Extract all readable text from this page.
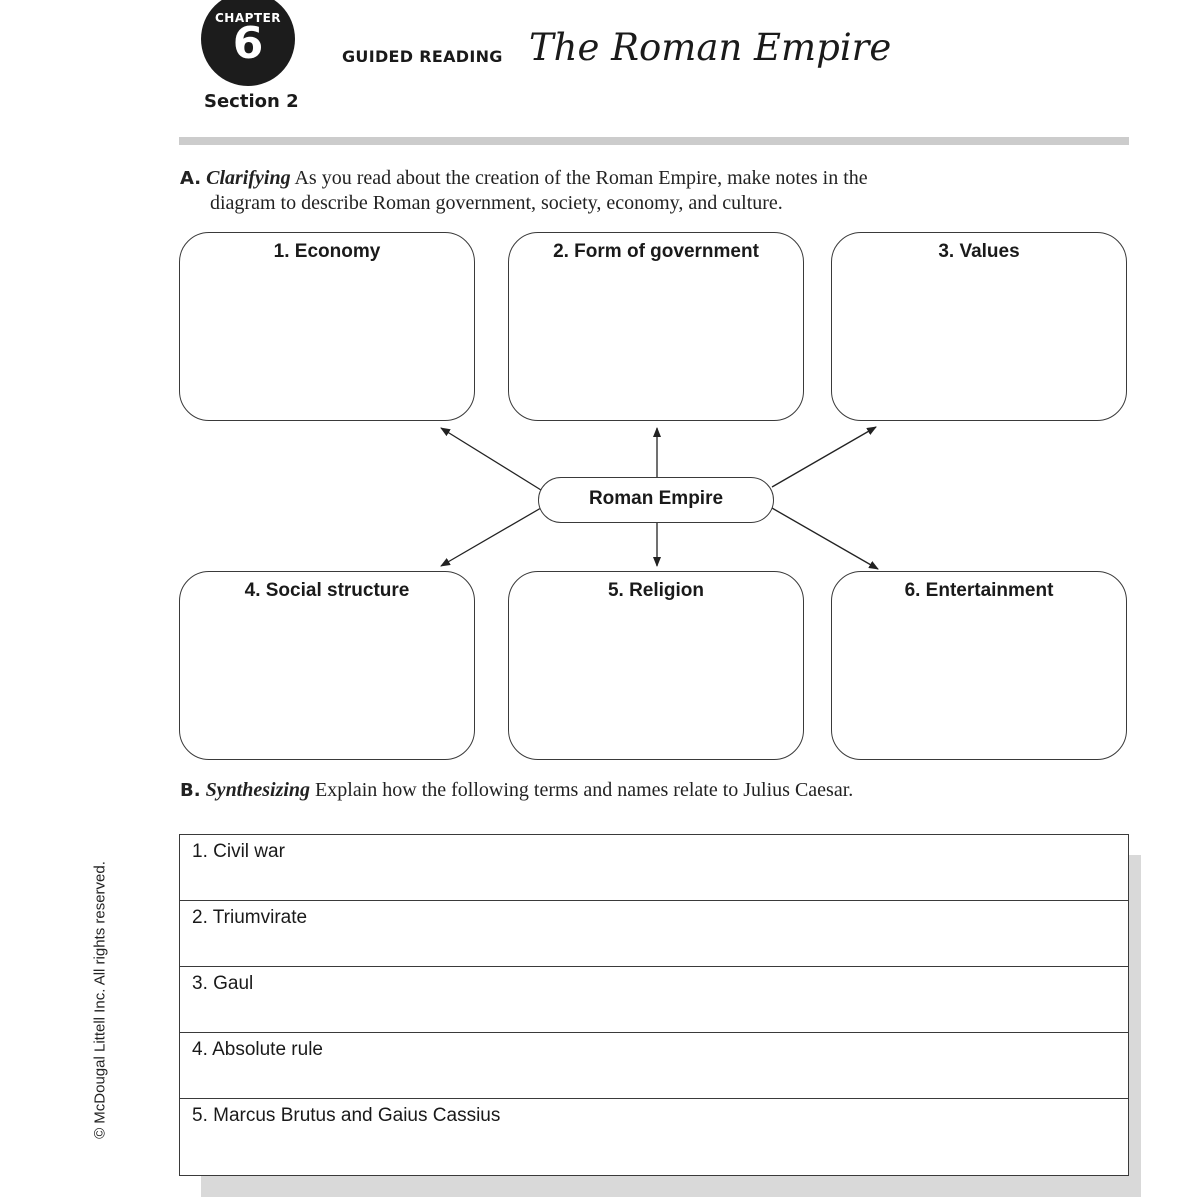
CHAPTER
6
Section 2
GUIDED READING The Roman Empire
A. Clarifying As you read about the creation of the Roman Empire, make notes in the
diagram to describe Roman government, society, economy, and culture.
1. Economy	2. Form of government	3. Values
4. Social structure	5. Religion	6. Entertainment
Roman Empire
B. Synthesizing Explain how the following terms and names relate to Julius Caesar.
1. Civil war
2. Triumvirate
3. Gaul
4. Absolute rule
5. Marcus Brutus and Gaius Cassius
© McDougal Littell Inc. All rights reserved.
